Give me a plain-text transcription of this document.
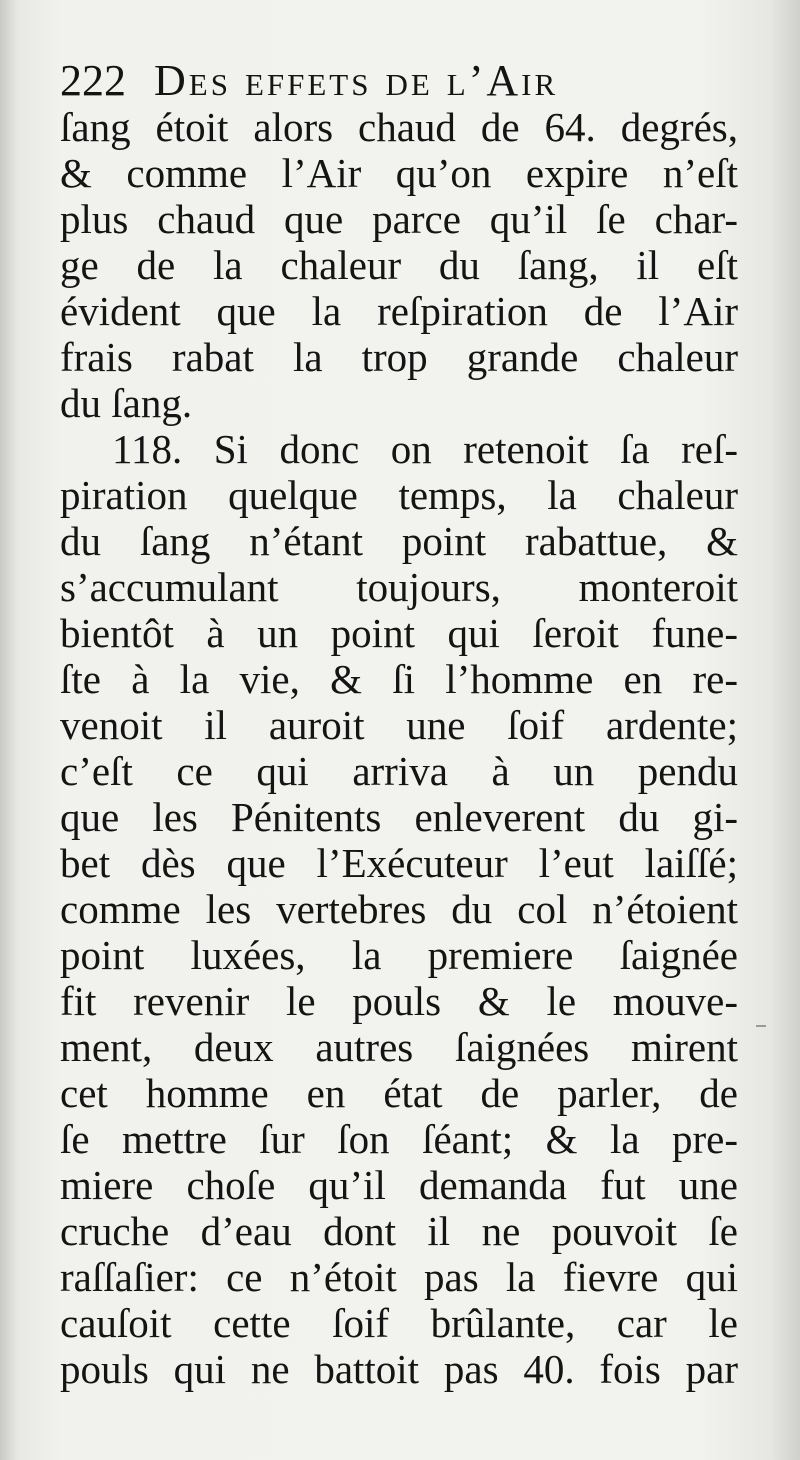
222 Des effets de l’Air
ſang étoit alors chaud de 64. degrés,
& comme l’Air qu’on expire n’eſt
plus chaud que parce qu’il ſe char-
ge de la chaleur du ſang, il eſt
évident que la reſpiration de l’Air
frais rabat la trop grande chaleur
du ſang.
118. Si donc on retenoit ſa reſ-
piration quelque temps, la chaleur
du ſang n’étant point rabattue, &
s’accumulant toujours, monteroit
bientôt à un point qui ſeroit fune-
ſte à la vie, & ſi l’homme en re-
venoit il auroit une ſoif ardente;
c’eſt ce qui arriva à un pendu
que les Pénitents enleverent du gi-
bet dès que l’Exécuteur l’eut laiſſé;
comme les vertebres du col n’étoient
point luxées, la premiere ſaignée
fit revenir le pouls & le mouve-
ment, deux autres ſaignées mirent
cet homme en état de parler, de
ſe mettre ſur ſon ſéant; & la pre-
miere choſe qu’il demanda fut une
cruche d’eau dont il ne pouvoit ſe
raſſaſier: ce n’étoit pas la fievre qui
cauſoit cette ſoif brûlante, car le
pouls qui ne battoit pas 40. fois par
